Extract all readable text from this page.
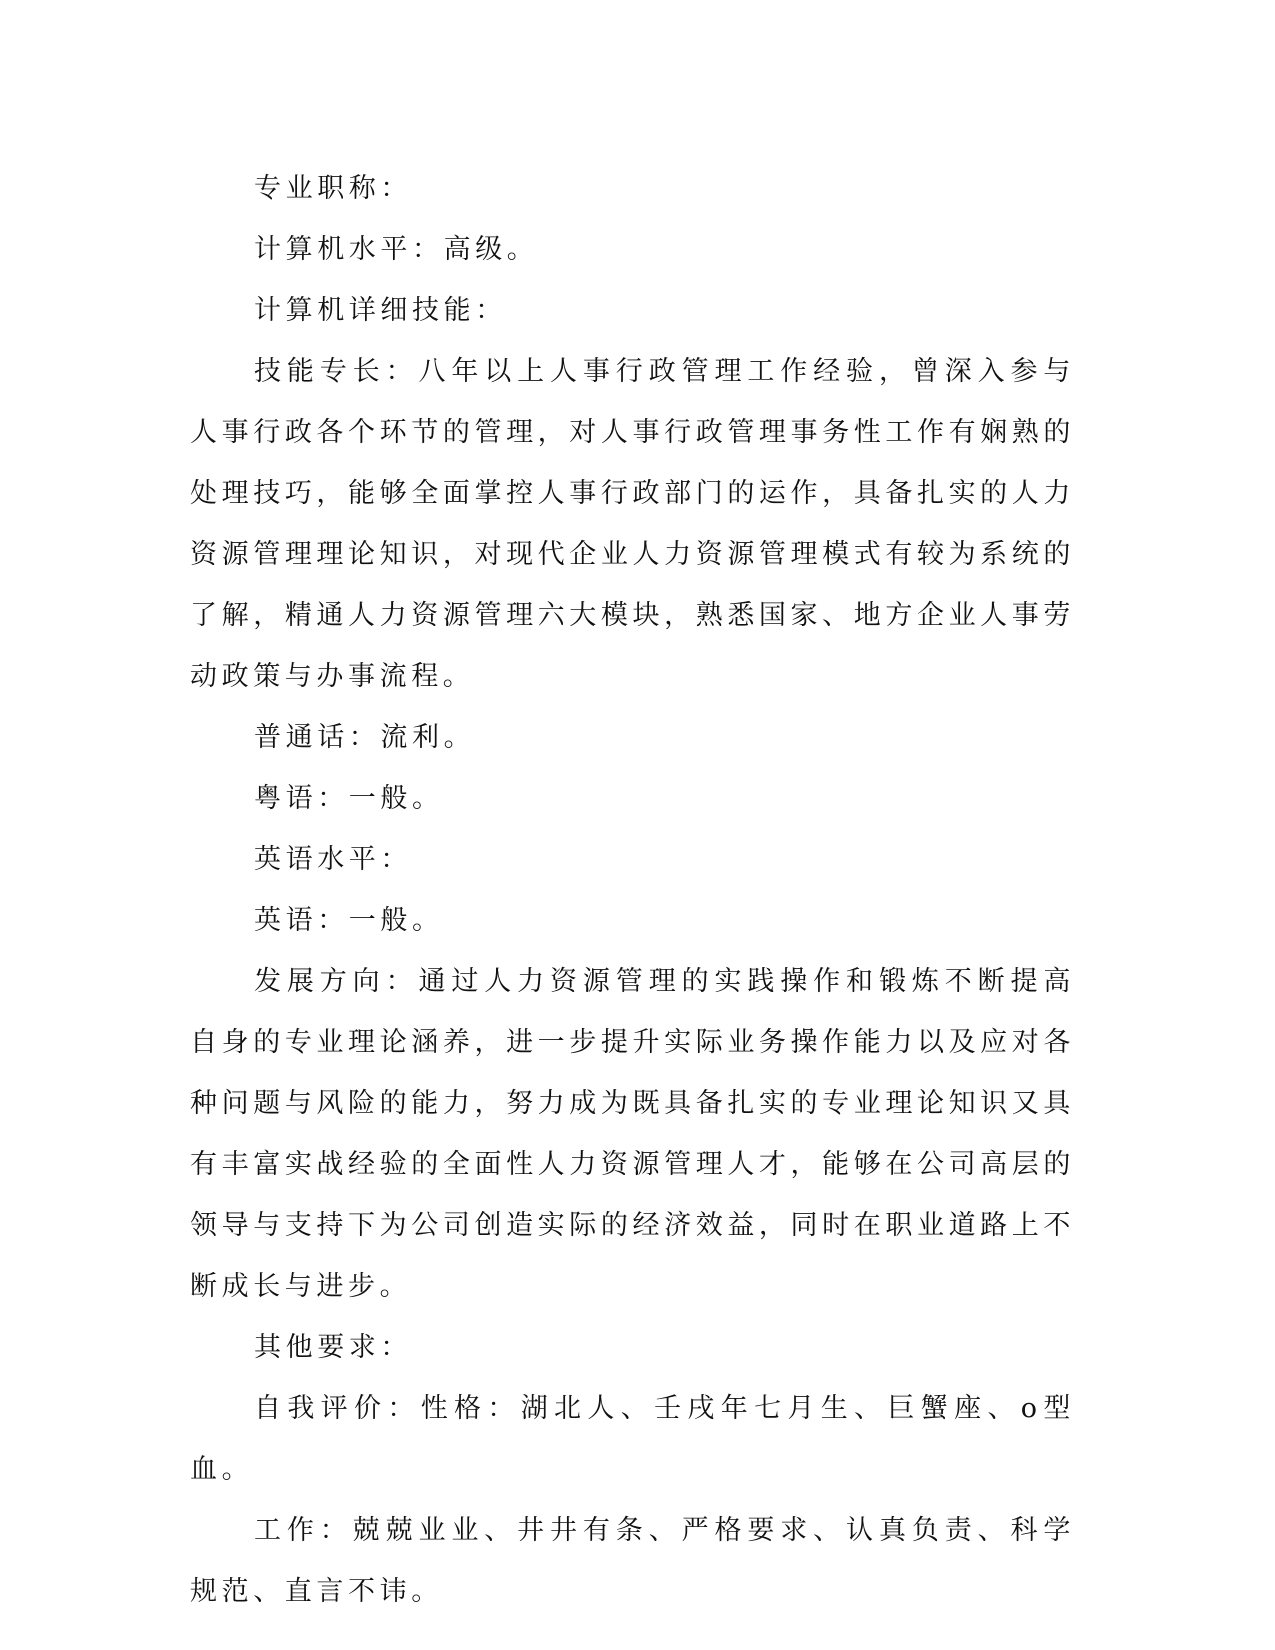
专业职称：

计算机水平：高级。

计算机详细技能：

技能专长：八年以上人事行政管理工作经验，曾深入参与人事行政各个环节的管理，对人事行政管理事务性工作有娴熟的处理技巧，能够全面掌控人事行政部门的运作，具备扎实的人力资源管理理论知识，对现代企业人力资源管理模式有较为系统的了解，精通人力资源管理六大模块，熟悉国家、地方企业人事劳动政策与办事流程。

普通话：流利。

粤语：一般。

英语水平：

英语：一般。

发展方向：通过人力资源管理的实践操作和锻炼不断提高自身的专业理论涵养，进一步提升实际业务操作能力以及应对各种问题与风险的能力，努力成为既具备扎实的专业理论知识又具有丰富实战经验的全面性人力资源管理人才，能够在公司高层的领导与支持下为公司创造实际的经济效益，同时在职业道路上不断成长与进步。

其他要求：

自我评价：性格：湖北人、壬戌年七月生、巨蟹座、o型血。

工作：兢兢业业、井井有条、严格要求、认真负责、科学规范、直言不讳。
